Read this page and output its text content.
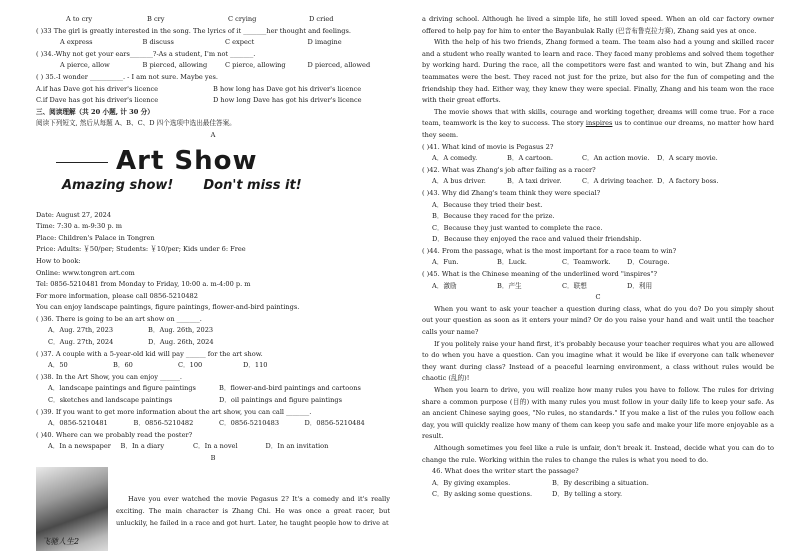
A to cry	B cry	C crying	D cried
( )33 The girl is greatly interested in the song. The lyrics of it _______her thought and feelings.
A express	B discuss	C expect	D imagine
( )34.-Why not get your ears_______?-As a student, I'm not _______.
A pierce, allow	B pierced, allowing	C pierce, allowing	D pierced, allowed
( ) 35.-I wonder __________. - I am not sure. Maybe yes.
A.if has Dave got his driver's licence	B how long has Dave got his driver's licence
C.if Dave has got his driver's licence	D how long Dave has got his driver's licence
三、阅读理解（共 20 小题, 计 30 分）
阅读下列短文, 然后从每题 A、B、C、D 四个选项中选出最佳答案。
A
Art Show
Amazing show! Don't miss it!
Date: August 27, 2024
Time: 7:30 a. m-9:30 p. m
Place: Children's Palace in Tongren
Price: Adults: ￥50/per; Students: ￥10/per; Kids under 6: Free
How to book:
Online: www.tongren art.com
Tel: 0856-5210481 from Monday to Friday, 10:00 a. m-4:00 p. m
For more information, please call 0856-5210482
You can enjoy landscape paintings, figure paintings, flower-and-bird paintings.
( )36. There is going to be an art show on _______.
A．Aug. 27th, 2023	B．Aug. 26th, 2023
C．Aug. 27th, 2024	D．Aug. 26th, 2024
( )37. A couple with a 5-year-old kid will pay ______ for the art show.
A．50	B．60	C．100	D．110
( )38. In the Art Show, you can enjoy ______.
A．landscape paintings and figure paintings	B．flower-and-bird paintings and cartoons
C．sketches and landscape paintings	D．oil paintings and figure paintings
( )39. If you want to get more information about the art show, you can call _______.
A．0856-5210481	B．0856-5210482	C．0856-5210483	D．0856-5210484
( )40. Where can we probably read the poster?
A．In a newspaper	B．In a diary	C．In a novel	D．In an invitation
B
飞驰人生2
Have you ever watched the movie Pegasus 2? It's a comedy and it's really exciting. The main character is Zhang Chi. He was once a great racer, but unluckily, he failed in a race and got hurt. Later, he taught people how to drive at
a driving school. Although he lived a simple life, he still loved speed. When an old car factory owner offered to help pay for him to enter the Bayanbulak Rally (巴音布鲁克拉力赛), Zhang said yes at once.
With the help of his two friends, Zhang formed a team. The team also had a young and skilled racer and a student who really wanted to learn and race. They faced many problems and solved them together by working hard. During the race, all the competitors were fast and wanted to win, but Zhang and his teammates were the best. They raced not just for the prize, but also for the fun of competing and the friendship they had. Either way, they knew they were special. Finally, Zhang and his team won the race with their great efforts.
The movie shows that with skills, courage and working together, dreams will come true. For a race team, teamwork is the key to success. The story inspires us to continue our dreams, no matter how hard they seem.
( )41. What kind of movie is Pegasus 2?
A．A comedy.	B．A cartoon.	C．An action movie.	D．A scary movie.
( )42. What was Zhang's job after failing as a racer?
A．A bus driver.	B．A taxi driver.	C．A driving teacher. D．A factory boss.
( )43. Why did Zhang's team think they were special?
A．Because they tried their best.
B．Because they raced for the prize.
C．Because they just wanted to complete the race.
D．Because they enjoyed the race and valued their friendship.
( )44. From the passage, what is the most important for a race team to win?
A．Fun.	B．Luck.	C．Teamwork.	D．Courage.
( )45. What is the Chinese meaning of the underlined word "inspires"?
A．激励	B．产生	C．联想	D．利用
C
When you want to ask your teacher a question during class, what do you do? Do you simply shout out your question as soon as it enters your mind? Or do you raise your hand and wait until the teacher calls your name?
If you politely raise your hand first, it's probably because your teacher requires what you are allowed to do when you have a question. Can you imagine what it would be like if everyone can talk whenever they want during class? Instead of a peaceful learning environment, a class without rules would be chaotic (乱的)!
When you learn to drive, you will realize how many rules you have to follow. The rules for driving share a common purpose (目的) with many rules you must follow in your daily life to keep your safe. As an ancient Chinese saying goes, "No rules, no standards." If you make a list of the rules you follow each day, you will quickly realize how many of them can keep you safe and make your life more enjoyable as a result.
Although sometimes you feel like a rule is unfair, don't break it. Instead, decide what you can do to change the rule. Working within the rules to change the rules is what you need to do.
46. What does the writer start the passage?
A．By giving examples.	B．By describing a situation.
C．By asking some questions.	D．By telling a story.
